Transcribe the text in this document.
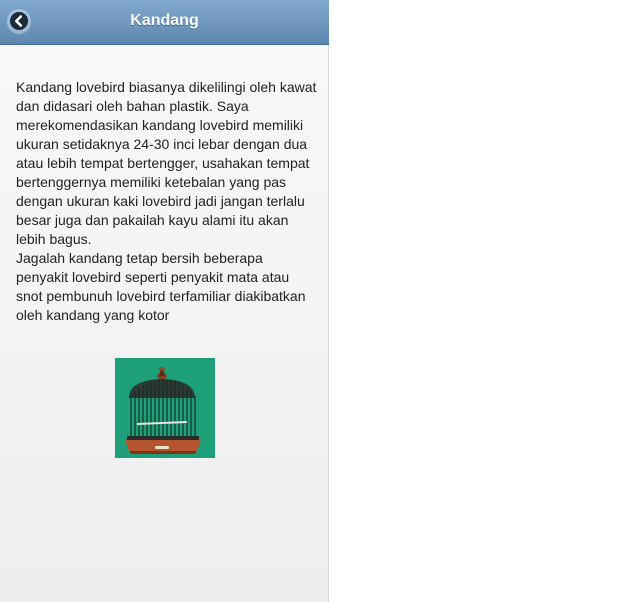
Kandang

Kandang lovebird biasanya dikelilingi oleh kawat dan didasari oleh bahan plastik. Saya merekomendasikan kandang lovebird memiliki ukuran setidaknya 24-30 inci lebar dengan dua atau lebih tempat bertengger, usahakan tempat bertenggernya memiliki ketebalan yang pas dengan ukuran kaki lovebird jadi jangan terlalu besar juga dan pakailah kayu alami itu akan lebih bagus.

Jagalah kandang tetap bersih beberapa penyakit lovebird seperti penyakit mata atau snot pembunuh lovebird terfamiliar diakibatkan oleh kandang yang kotor
